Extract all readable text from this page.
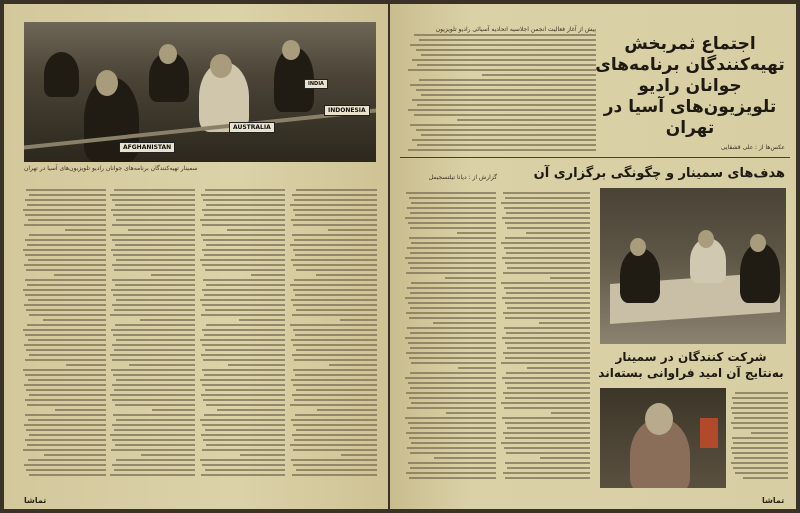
AFGHANISTAN
AUSTRALIA
INDONESIA
INDIA
سمینار تهیه‌کنندگان برنامه‌های جوانان رادیو تلویزیون‌های آسیا در تهران
تماشا
پیش از آغاز فعالیت انجمن اجلاسیه اتحادیه آسیائی رادیو تلویزیون
اجتماع ثمربخش تهیه‌کنندگان برنامه‌های جوانان رادیو تلویزیون‌های آسیا در تهران
عکس‌ها از : علی قشقایی
هدف‌های سمینار و چگونگی برگزاری آن
گزارش از : دیانا تیلتسجیمل
شرکت کنندگان در سمینار به‌نتایج آن امید فراوانی بسته‌اند
تماشا
